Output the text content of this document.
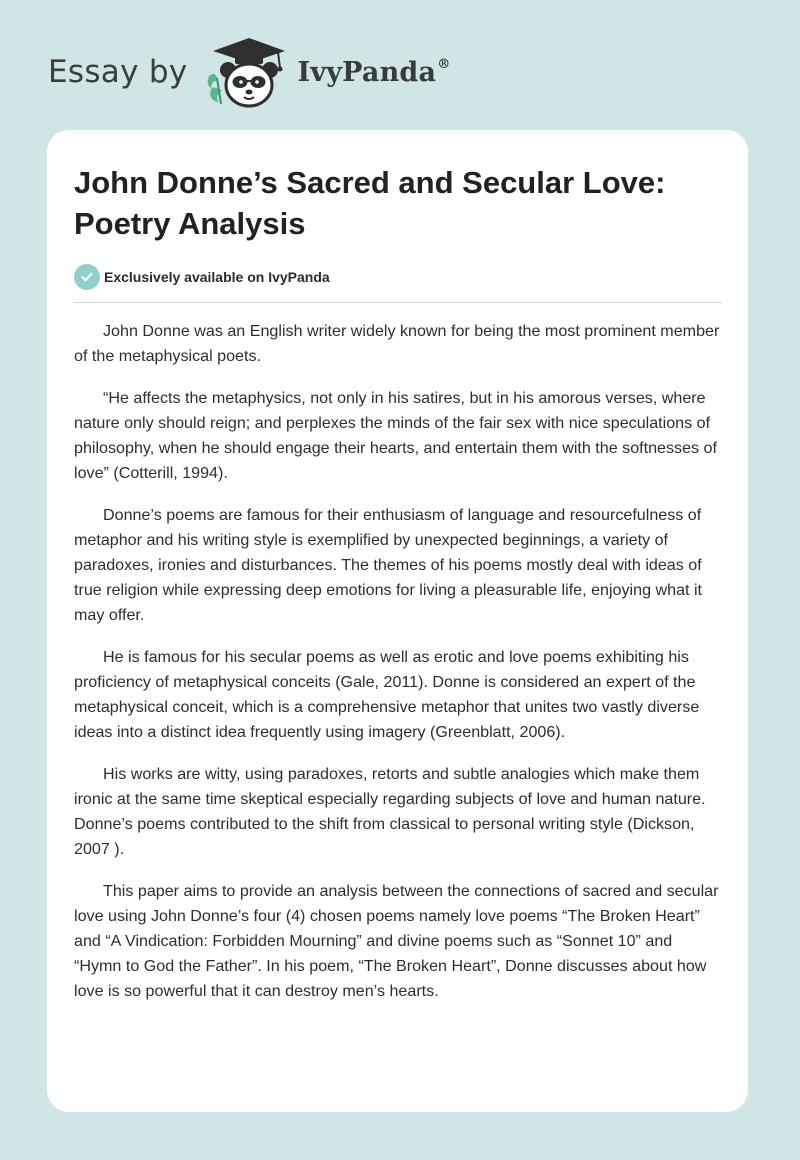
Essay by	IvyPanda®
John Donne’s Sacred and Secular Love:
Poetry Analysis
Exclusively available on IvyPanda

John Donne was an English writer widely known for being the most prominent member of the metaphysical poets.

“He affects the metaphysics, not only in his satires, but in his amorous verses, where nature only should reign; and perplexes the minds of the fair sex with nice speculations of philosophy, when he should engage their hearts, and entertain them with the softnesses of love” (Cotterill, 1994).

Donne’s poems are famous for their enthusiasm of language and resourcefulness of metaphor and his writing style is exemplified by unexpected beginnings, a variety of paradoxes, ironies and disturbances. The themes of his poems mostly deal with ideas of true religion while expressing deep emotions for living a pleasurable life, enjoying what it may offer.

He is famous for his secular poems as well as erotic and love poems exhibiting his proficiency of metaphysical conceits (Gale, 2011). Donne is considered an expert of the metaphysical conceit, which is a comprehensive metaphor that unites two vastly diverse ideas into a distinct idea frequently using imagery (Greenblatt, 2006).

His works are witty, using paradoxes, retorts and subtle analogies which make them ironic at the same time skeptical especially regarding subjects of love and human nature. Donne’s poems contributed to the shift from classical to personal writing style (Dickson, 2007 ).

This paper aims to provide an analysis between the connections of sacred and secular love using John Donne’s four (4) chosen poems namely love poems “The Broken Heart” and “A Vindication: Forbidden Mourning” and divine poems such as “Sonnet 10” and “Hymn to God the Father”. In his poem, “The Broken Heart”, Donne discusses about how love is so powerful that it can destroy men’s hearts.
